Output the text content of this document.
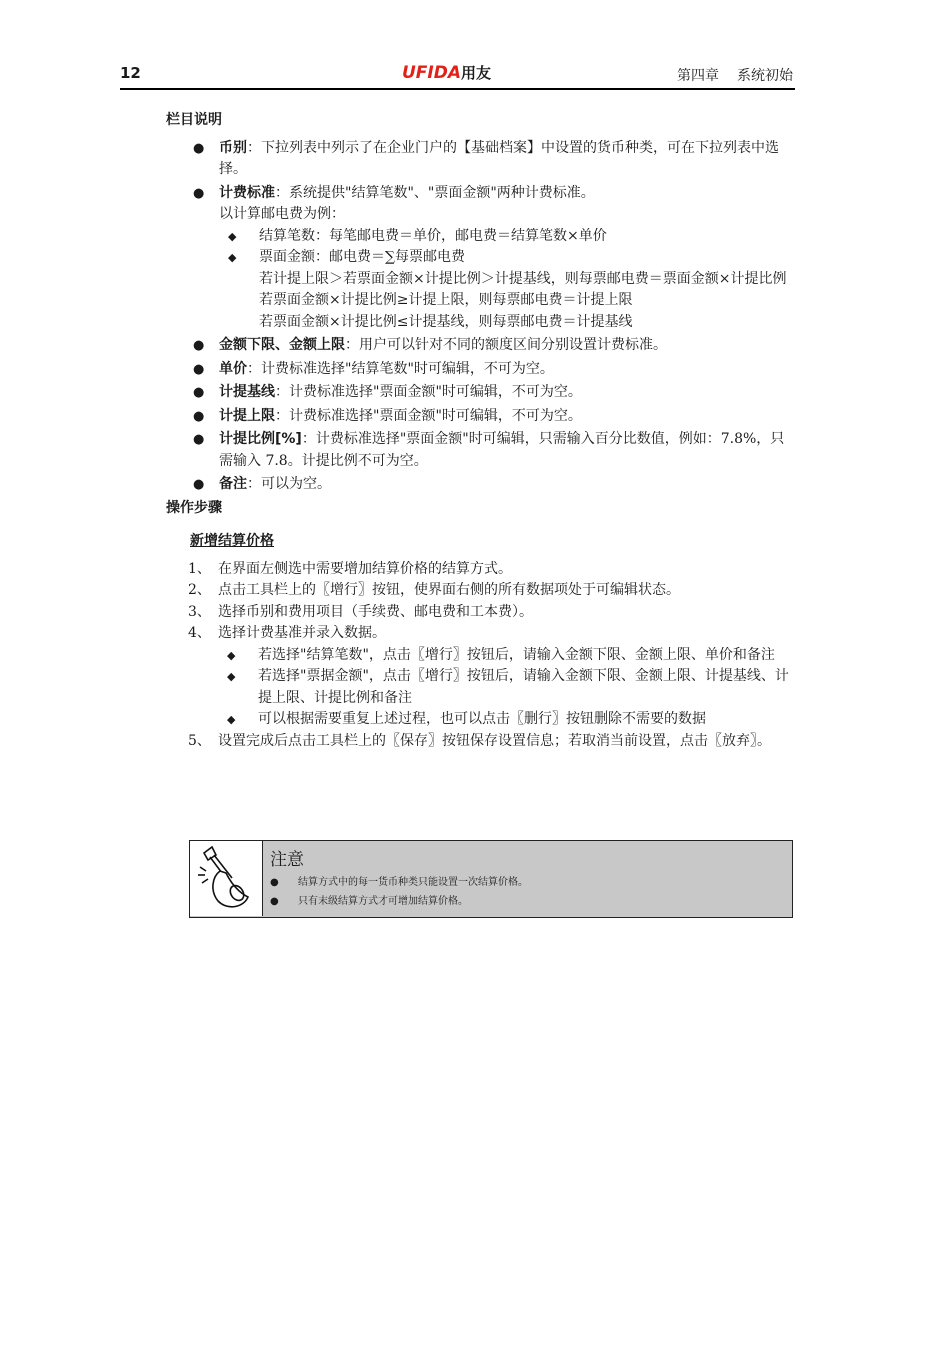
12	UFIDA用友	第四章 系统初始
栏目说明
● 币别：下拉列表中列示了在企业门户的【基础档案】中设置的货币种类，可在下拉列表中选择。
● 计费标准：系统提供"结算笔数"、"票面金额"两种计费标准。
以计算邮电费为例：
◆ 结算笔数：每笔邮电费＝单价，邮电费＝结算笔数×单价
◆ 票面金额：邮电费＝∑每票邮电费
若计提上限＞若票面金额×计提比例＞计提基线，则每票邮电费＝票面金额×计提比例
若票面金额×计提比例≥计提上限，则每票邮电费＝计提上限
若票面金额×计提比例≤计提基线，则每票邮电费＝计提基线
● 金额下限、金额上限：用户可以针对不同的额度区间分别设置计费标准。
● 单价：计费标准选择"结算笔数"时可编辑，不可为空。
● 计提基线：计费标准选择"票面金额"时可编辑，不可为空。
● 计提上限：计费标准选择"票面金额"时可编辑，不可为空。
● 计提比例[%]：计费标准选择"票面金额"时可编辑，只需输入百分比数值，例如：7.8%，只需输入 7.8。计提比例不可为空。
● 备注：可以为空。
操作步骤
新增结算价格
1、 在界面左侧选中需要增加结算价格的结算方式。
2、 点击工具栏上的〖增行〗按钮，使界面右侧的所有数据项处于可编辑状态。
3、 选择币别和费用项目（手续费、邮电费和工本费）。
4、 选择计费基准并录入数据。
◆ 若选择"结算笔数"，点击〖增行〗按钮后，请输入金额下限、金额上限、单价和备注
◆ 若选择"票据金额"，点击〖增行〗按钮后，请输入金额下限、金额上限、计提基线、计提上限、计提比例和备注
◆ 可以根据需要重复上述过程，也可以点击〖删行〗按钮删除不需要的数据
5、 设置完成后点击工具栏上的〖保存〗按钮保存设置信息；若取消当前设置，点击〖放弃〗。
注意
● 结算方式中的每一货币种类只能设置一次结算价格。
● 只有末级结算方式才可增加结算价格。
